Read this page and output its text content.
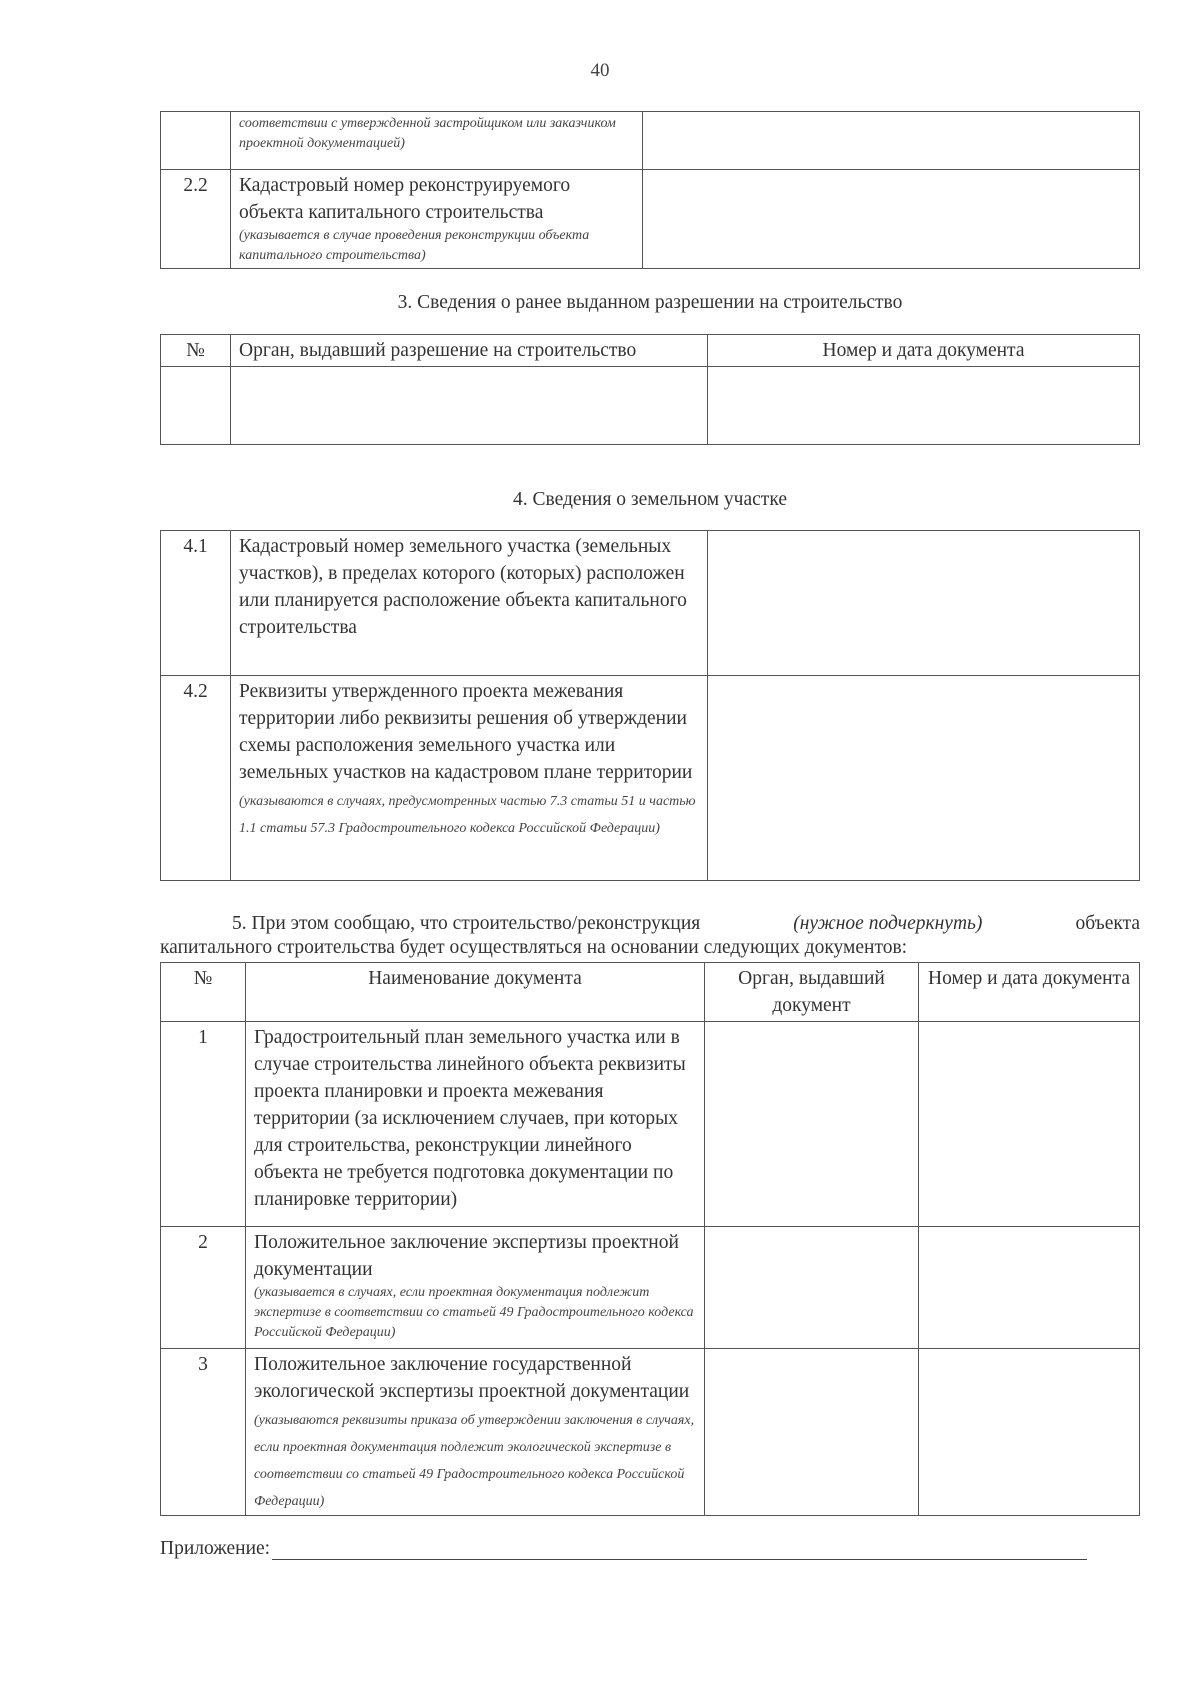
40

	соответствии с утвержденной застройщиком или заказчиком проектной документацией)	

2.2	Кадастровый номер реконструируемого объекта капитального строительства
(указывается в случае проведения реконструкции объекта капитального строительства)	

3. Сведения о ранее выданном разрешении на строительство
№	Орган, выдавший разрешение на строительство	Номер и дата документа

4. Сведения о земельном участке
4.1	Кадастровый номер земельного участка (земельных участков), в пределах которого (которых) расположен или планируется расположение объекта капитального строительства	
4.2	Реквизиты утвержденного проекта межевания территории либо реквизиты решения об утверждении схемы расположения земельного участка или земельных участков на кадастровом плане территории (указываются в случаях, предусмотренных частью 7.3 статьи 51 и частью 1.1 статьи 57.3 Градостроительного кодекса Российской Федерации)	
5. При этом сообщаю, что строительство/реконструкция	(нужное подчеркнуть)	объекта
капитального строительства будет осуществляться на основании следующих документов:
№	Наименование документа	Орган, выдавший документ	Номер и дата документа
1	Градостроительный план земельного участка или в случае строительства линейного объекта реквизиты проекта планировки и проекта межевания территории (за исключением случаев, при которых для строительства, реконструкции линейного объекта не требуется подготовка документации по планировке территории)		
2	Положительное заключение экспертизы проектной документации
(указывается в случаях, если проектная документация подлежит экспертизе в соответствии со статьей 49 Градостроительного кодекса Российской Федерации)		

3	Положительное заключение государственной экологической экспертизы проектной документации (указываются реквизиты приказа об утверждении заключения в случаях, если проектная документация подлежит экологической экспертизе в соответствии со статьей 49 Градостроительного кодекса Российской Федерации)		
Приложение:
